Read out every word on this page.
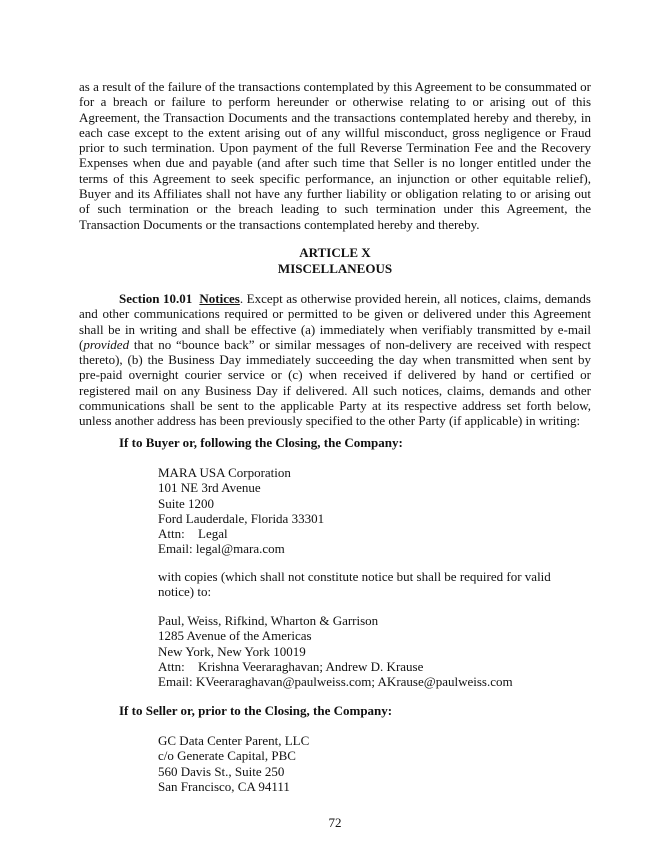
as a result of the failure of the transactions contemplated by this Agreement to be consummated or for a breach or failure to perform hereunder or otherwise relating to or arising out of this Agreement, the Transaction Documents and the transactions contemplated hereby and thereby, in each case except to the extent arising out of any willful misconduct, gross negligence or Fraud prior to such termination. Upon payment of the full Reverse Termination Fee and the Recovery Expenses when due and payable (and after such time that Seller is no longer entitled under the terms of this Agreement to seek specific performance, an injunction or other equitable relief), Buyer and its Affiliates shall not have any further liability or obligation relating to or arising out of such termination or the breach leading to such termination under this Agreement, the Transaction Documents or the transactions contemplated hereby and thereby.

ARTICLE X

MISCELLANEOUS

Section 10.01 Notices. Except as otherwise provided herein, all notices, claims, demands and other communications required or permitted to be given or delivered under this Agreement shall be in writing and shall be effective (a) immediately when verifiably transmitted by e-mail (provided that no “bounce back” or similar messages of non-delivery are received with respect thereto), (b) the Business Day immediately succeeding the day when transmitted when sent by pre-paid overnight courier service or (c) when received if delivered by hand or certified or registered mail on any Business Day if delivered. All such notices, claims, demands and other communications shall be sent to the applicable Party at its respective address set forth below, unless another address has been previously specified to the other Party (if applicable) in writing:

If to Buyer or, following the Closing, the Company:

MARA USA Corporation
101 NE 3rd Avenue
Suite 1200
Ford Lauderdale, Florida 33301
Attn: Legal
Email: legal@mara.com
with copies (which shall not constitute notice but shall be required for valid notice) to:
Paul, Weiss, Rifkind, Wharton & Garrison
1285 Avenue of the Americas
New York, New York 10019
Attn: Krishna Veeraraghavan; Andrew D. Krause
Email: KVeeraraghavan@paulweiss.com; AKrause@paulweiss.com

If to Seller or, prior to the Closing, the Company:

GC Data Center Parent, LLC
c/o Generate Capital, PBC
560 Davis St., Suite 250
San Francisco, CA 94111

72
